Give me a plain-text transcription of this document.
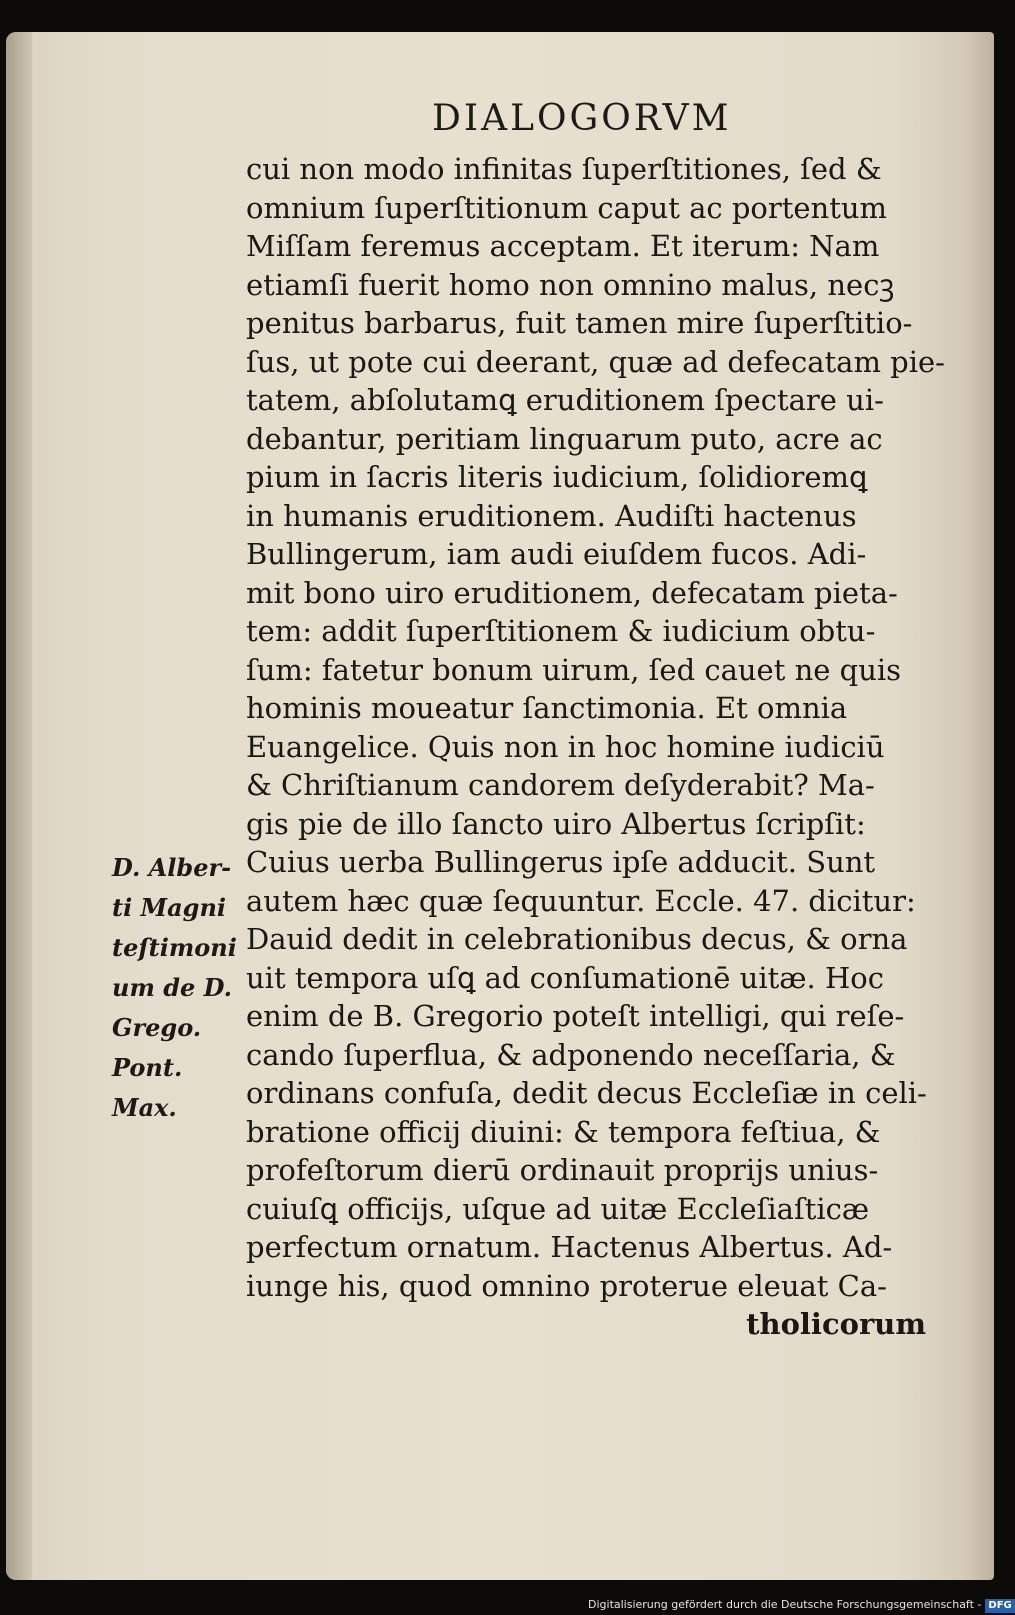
DIALOGORVM
cui non modo infinitas ſuperſtitiones, ſed &
omnium ſuperſtitionum caput ac portentum
Miſſam feremus acceptam. Et iterum: Nam
etiamſi fuerit homo non omnino malus, necꝫ
penitus barbarus, fuit tamen mire ſuperſtitio-
ſus, ut pote cui deerant, quæ ad defecatam pie-
tatem, abſolutamꝗ eruditionem ſpectare ui-
debantur, peritiam linguarum puto, acre ac
pium in ſacris literis iudicium, ſolidioremꝗ
in humanis eruditionem. Audiſti hactenus
Bullingerum, iam audi eiuſdem fucos. Adi-
mit bono uiro eruditionem, defecatam pieta-
tem: addit ſuperſtitionem & iudicium obtu-
ſum: fatetur bonum uirum, ſed cauet ne quis
hominis moueatur ſanctimonia. Et omnia
Euangelice. Quis non in hoc homine iudiciū
& Chriſtianum candorem deſyderabit? Ma-
gis pie de illo ſancto uiro Albertus ſcripſit:
Cuius uerba Bullingerus ipſe adducit. Sunt
autem hæc quæ ſequuntur. Eccle. 47. dicitur:
Dauid dedit in celebrationibus decus, & orna
uit tempora uſꝗ ad conſumationē uitæ. Hoc
enim de B. Gregorio poteſt intelligi, qui reſe-
cando ſuperflua, & adponendo neceſſaria, &
ordinans confuſa, dedit decus Eccleſiæ in celi-
bratione officij diuini: & tempora feſtiua, &
profeſtorum dierū ordinauit proprijs unius-
cuiuſꝗ officijs, uſque ad uitæ Eccleſiaſticæ
perfectum ornatum. Hactenus Albertus. Ad-
iunge his, quod omnino proterue eleuat Ca-
tholicorum
D. Alber-
ti Magni
teſtimoni
um de D.
Grego.
Pont.
Max.
Digitalisierung gefördert durch die Deutsche Forschungsgemeinschaft - DFG
